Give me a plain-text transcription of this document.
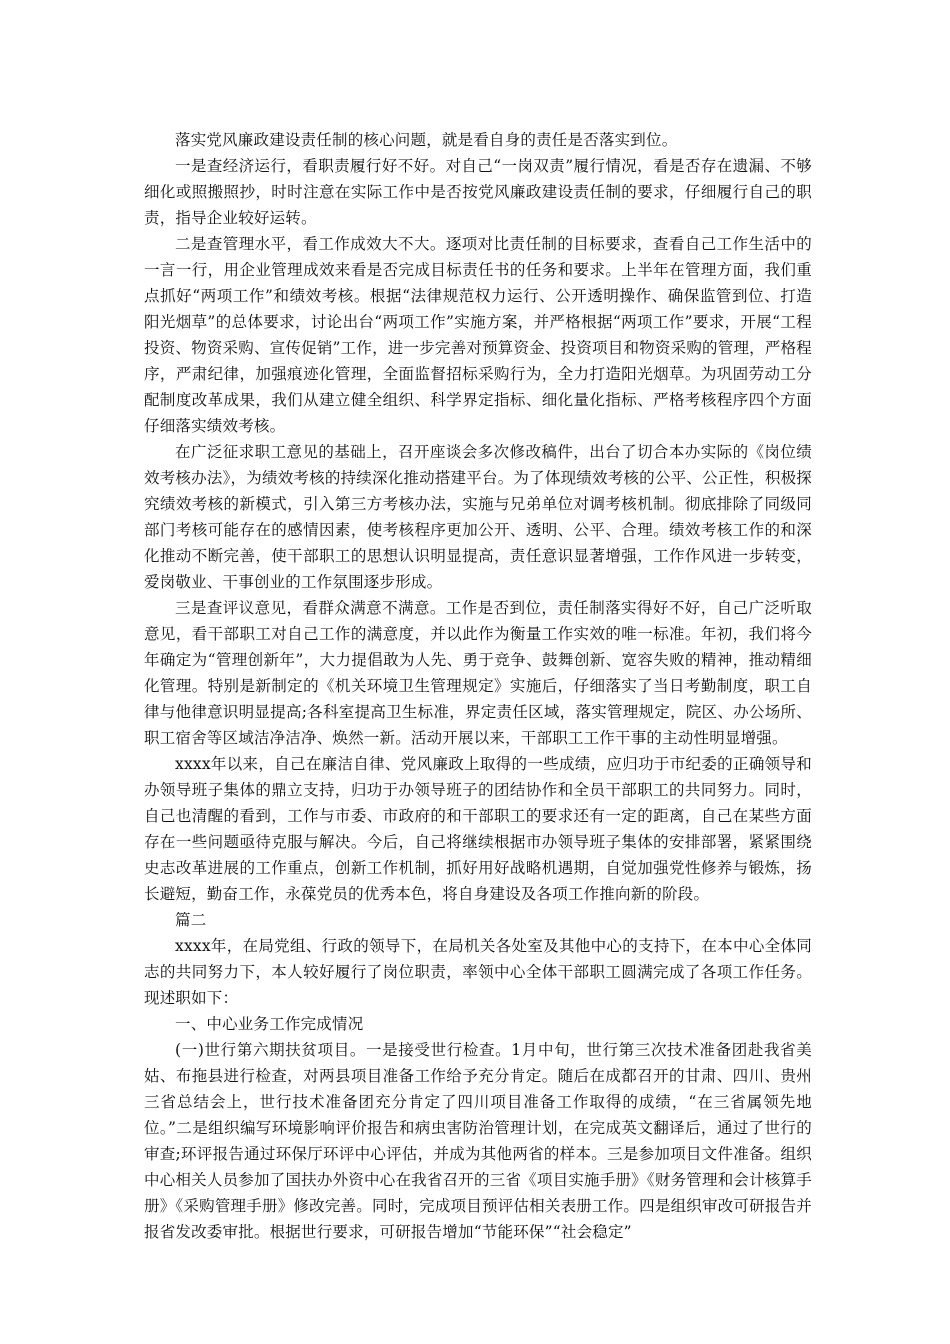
落实党风廉政建设责任制的核心问题，就是看自身的责任是否落实到位。

一是查经济运行，看职责履行好不好。对自己“一岗双责”履行情况，看是否存在遗漏、不够细化或照搬照抄，时时注意在实际工作中是否按党风廉政建设责任制的要求，仔细履行自己的职责，指导企业较好运转。

二是查管理水平，看工作成效大不大。逐项对比责任制的目标要求，查看自己工作生活中的一言一行，用企业管理成效来看是否完成目标责任书的任务和要求。上半年在管理方面，我们重点抓好“两项工作”和绩效考核。根据“法律规范权力运行、公开透明操作、确保监管到位、打造阳光烟草”的总体要求，讨论出台“两项工作”实施方案，并严格根据“两项工作”要求，开展“工程投资、物资采购、宣传促销”工作，进一步完善对预算资金、投资项目和物资采购的管理，严格程序，严肃纪律，加强痕迹化管理，全面监督招标采购行为，全力打造阳光烟草。为巩固劳动工分配制度改革成果，我们从建立健全组织、科学界定指标、细化量化指标、严格考核程序四个方面仔细落实绩效考核。

在广泛征求职工意见的基础上，召开座谈会多次修改稿件，出台了切合本办实际的《岗位绩效考核办法》，为绩效考核的持续深化推动搭建平台。为了体现绩效考核的公平、公正性，积极探究绩效考核的新模式，引入第三方考核办法，实施与兄弟单位对调考核机制。彻底排除了同级同部门考核可能存在的感情因素，使考核程序更加公开、透明、公平、合理。绩效考核工作的和深化推动不断完善，使干部职工的思想认识明显提高，责任意识显著增强，工作作风进一步转变，爱岗敬业、干事创业的工作氛围逐步形成。

三是查评议意见，看群众满意不满意。工作是否到位，责任制落实得好不好，自己广泛听取意见，看干部职工对自己工作的满意度，并以此作为衡量工作实效的唯一标准。年初，我们将今年确定为“管理创新年”，大力提倡敢为人先、勇于竞争、鼓舞创新、宽容失败的精神，推动精细化管理。特别是新制定的《机关环境卫生管理规定》实施后，仔细落实了当日考勤制度，职工自律与他律意识明显提高;各科室提高卫生标准，界定责任区域，落实管理规定，院区、办公场所、职工宿舍等区域洁净洁净、焕然一新。活动开展以来，干部职工工作干事的主动性明显增强。

xxxx年以来，自己在廉洁自律、党风廉政上取得的一些成绩，应归功于市纪委的正确领导和办领导班子集体的鼎立支持，归功于办领导班子的团结协作和全员干部职工的共同努力。同时，自己也清醒的看到，工作与市委、市政府的和干部职工的要求还有一定的距离，自己在某些方面存在一些问题亟待克服与解决。今后，自己将继续根据市办领导班子集体的安排部署，紧紧围绕史志改革进展的工作重点，创新工作机制，抓好用好战略机遇期，自觉加强党性修养与锻炼，扬长避短，勤奋工作，永葆党员的优秀本色，将自身建设及各项工作推向新的阶段。

篇二

xxxx年，在局党组、行政的领导下，在局机关各处室及其他中心的支持下，在本中心全体同志的共同努力下，本人较好履行了岗位职责，率领中心全体干部职工圆满完成了各项工作任务。现述职如下：

一、中心业务工作完成情况

(一)世行第六期扶贫项目。一是接受世行检查。1月中旬，世行第三次技术准备团赴我省美姑、布拖县进行检查，对两县项目准备工作给予充分肯定。随后在成都召开的甘肃、四川、贵州三省总结会上，世行技术准备团充分肯定了四川项目准备工作取得的成绩，“在三省属领先地位。”二是组织编写环境影响评价报告和病虫害防治管理计划，在完成英文翻译后，通过了世行的审查;环评报告通过环保厅环评中心评估，并成为其他两省的样本。三是参加项目文件准备。组织中心相关人员参加了国扶办外资中心在我省召开的三省《项目实施手册》《财务管理和会计核算手册》《采购管理手册》修改完善。同时，完成项目预评估相关表册工作。四是组织审改可研报告并报省发改委审批。根据世行要求，可研报告增加“节能环保”“社会稳定”
